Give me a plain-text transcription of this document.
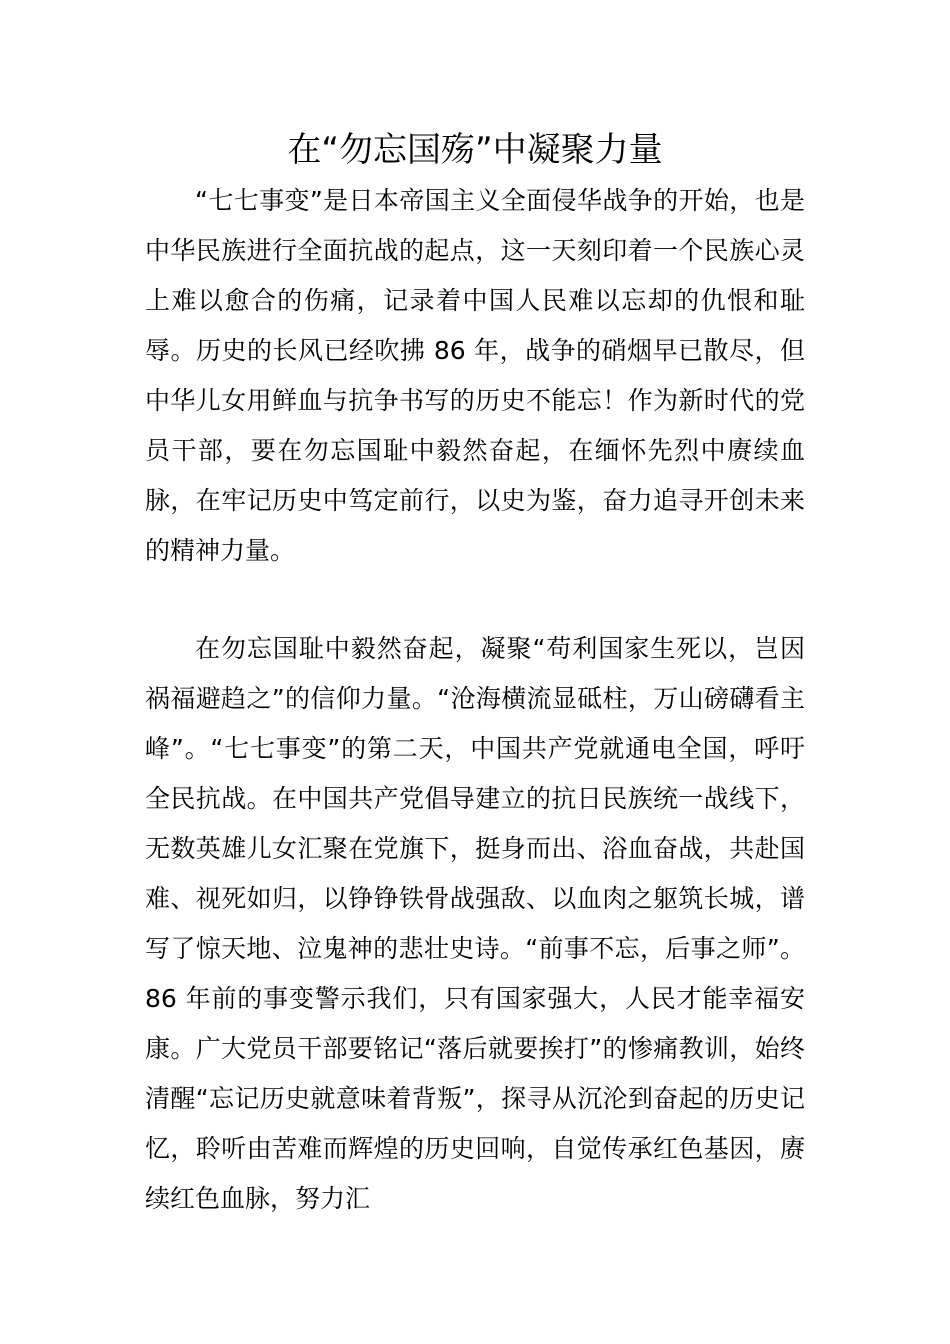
在“勿忘国殇”中凝聚力量

“七七事变”是日本帝国主义全面侵华战争的开始，也是中华民族进行全面抗战的起点，这一天刻印着一个民族心灵上难以愈合的伤痛，记录着中国人民难以忘却的仇恨和耻辱。历史的长风已经吹拂 86 年，战争的硝烟早已散尽，但中华儿女用鲜血与抗争书写的历史不能忘！作为新时代的党员干部，要在勿忘国耻中毅然奋起，在缅怀先烈中赓续血脉，在牢记历史中笃定前行，以史为鉴，奋力追寻开创未来的精神力量。

在勿忘国耻中毅然奋起，凝聚“苟利国家生死以，岂因祸福避趋之”的信仰力量。“沧海横流显砥柱，万山磅礴看主峰”。“七七事变”的第二天，中国共产党就通电全国，呼吁全民抗战。在中国共产党倡导建立的抗日民族统一战线下，无数英雄儿女汇聚在党旗下，挺身而出、浴血奋战，共赴国难、视死如归，以铮铮铁骨战强敌、以血肉之躯筑长城，谱写了惊天地、泣鬼神的悲壮史诗。“前事不忘，后事之师”。86 年前的事变警示我们，只有国家强大，人民才能幸福安康。广大党员干部要铭记“落后就要挨打”的惨痛教训，始终清醒“忘记历史就意味着背叛”，探寻从沉沦到奋起的历史记忆，聆听由苦难而辉煌的历史回响，自觉传承红色基因，赓续红色血脉，努力汇
